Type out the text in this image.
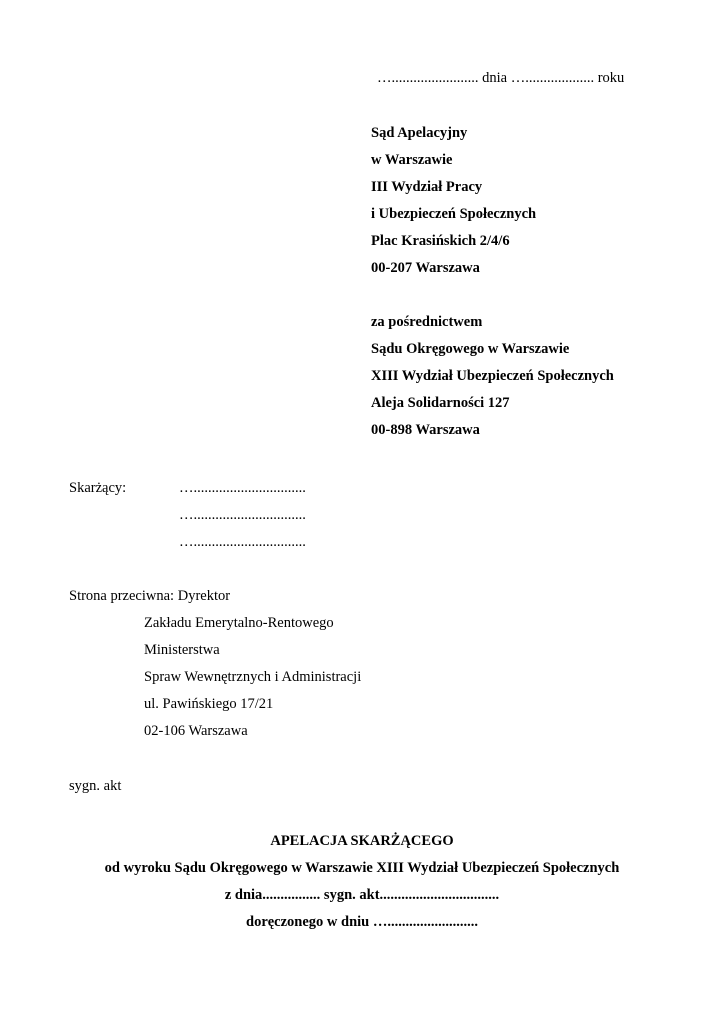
…........................ dnia …................... roku
Sąd Apelacyjny
w Warszawie
III Wydział Pracy
i Ubezpieczeń Społecznych
Plac Krasińskich 2/4/6
00-207 Warszawa
za pośrednictwem
Sądu Okręgowego w Warszawie
XIII Wydział Ubezpieczeń Społecznych
Aleja Solidarności 127
00-898 Warszawa
Skarżący:	…...............................
…...............................
…...............................
Strona przeciwna: Dyrektor
Zakładu Emerytalno-Rentowego
Ministerstwa
Spraw Wewnętrznych i Administracji
ul. Pawińskiego 17/21
02-106 Warszawa
sygn. akt
APELACJA SKARŻĄCEGO
od wyroku Sądu Okręgowego w Warszawie XIII Wydział Ubezpieczeń Społecznych
z dnia................ sygn. akt.................................
doręczonego w dniu ….........................
